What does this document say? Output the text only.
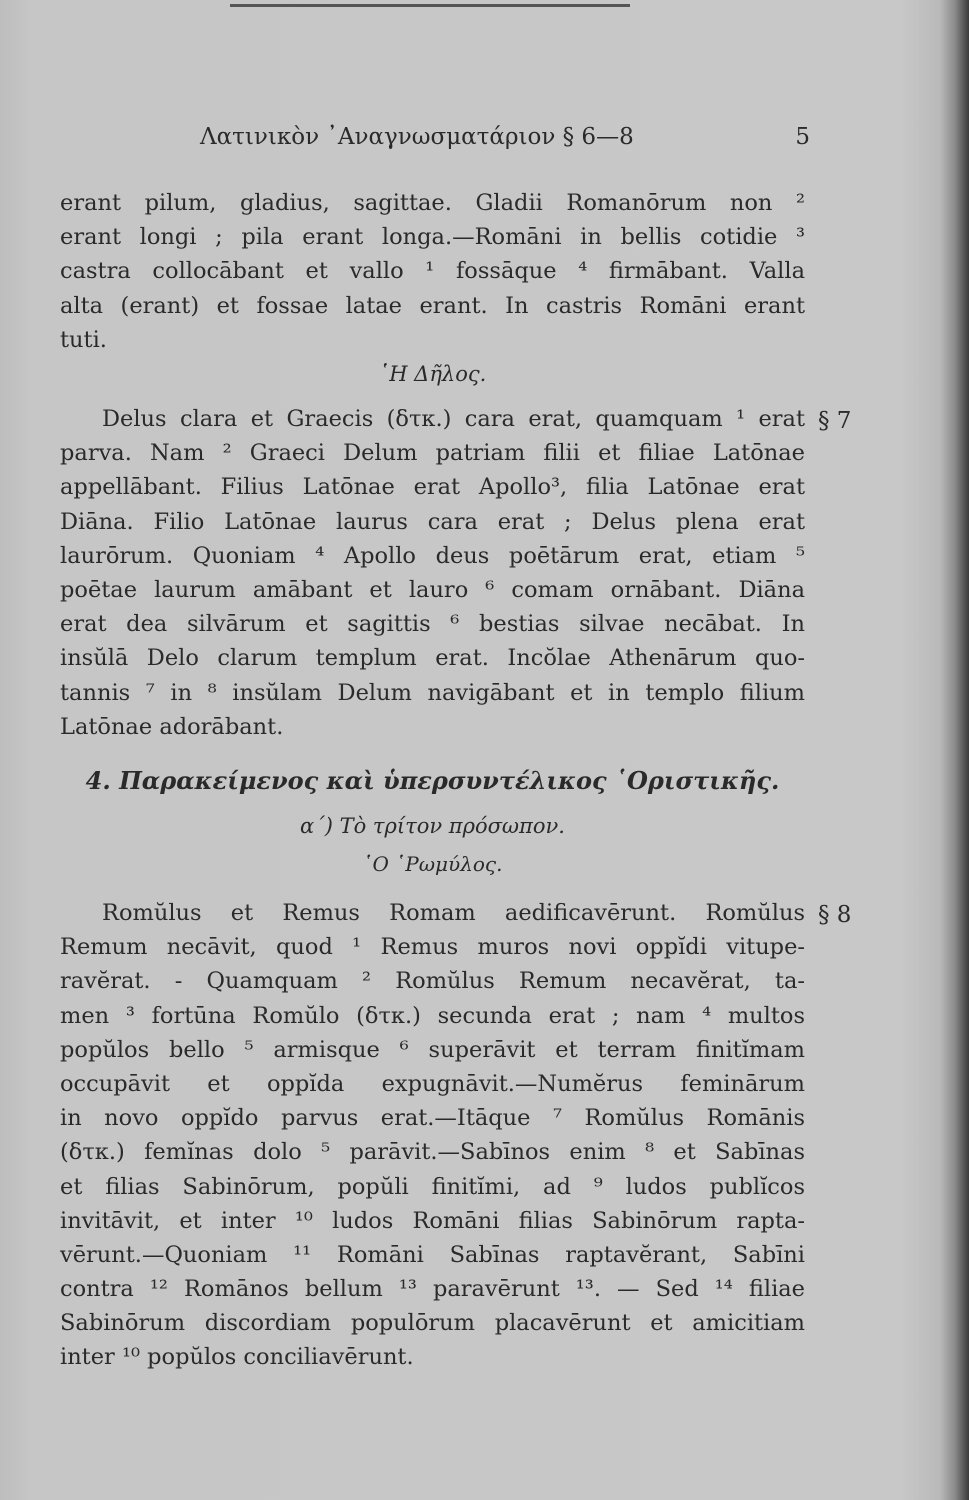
Λατινικὸν ᾿Αναγνωσματάριον § 6—8	5
erant pilum, gladius, sagittae. Gladii Romanōrum non ²
erant longi ; pila erant longa.—Romāni in bellis cotidie ³
castra collocābant et vallo ¹ fossāque ⁴ firmābant. Valla
alta (erant) et fossae latae erant. In castris Romāni erant
tuti.
῾Η Δῆλος.
§ 7
Delus clara et Graecis (δτκ.) cara erat, quamquam ¹ erat
parva. Nam ² Graeci Delum patriam filii et filiae Latōnae
appellābant. Filius Latōnae erat Apollo³, filia Latōnae erat
Diāna. Filio Latōnae laurus cara erat ; Delus plena erat
laurōrum. Quoniam ⁴ Apollo deus poētārum erat, etiam ⁵
poētae laurum amābant et lauro ⁶ comam ornābant. Diāna
erat dea silvārum et sagittis ⁶ bestias silvae necābat. In
insŭlā Delo clarum templum erat. Incŏlae Athenārum quo-
tannis ⁷ in ⁸ insŭlam Delum navigābant et in templo filium
Latōnae adorābant.
4. Παρακείμενος καὶ ὑπερσυντέλικος ῾Οριστικῆς.
α΄) Τὸ τρίτον πρόσωπον.
῾Ο ῾Ρωμύλος.
§ 8
Romŭlus et Remus Romam aedificavērunt. Romŭlus
Remum necāvit, quod ¹ Remus muros novi oppĭdi vitupe-
ravĕrat. - Quamquam ² Romŭlus Remum necavĕrat, ta-
men ³ fortūna Romŭlo (δτκ.) secunda erat ; nam ⁴ multos
popŭlos bello ⁵ armisque ⁶ superāvit et terram finitĭmam
occupāvit et oppĭda expugnāvit.—Numĕrus feminārum
in novo oppĭdo parvus erat.—Itāque ⁷ Romŭlus Romānis
(δτκ.) femĭnas dolo ⁵ parāvit.—Sabīnos enim ⁸ et Sabīnas
et filias Sabinōrum, popŭli finitĭmi, ad ⁹ ludos publĭcos
invitāvit, et inter ¹⁰ ludos Romāni filias Sabinōrum rapta-
vērunt.—Quoniam ¹¹ Romāni Sabīnas raptavĕrant, Sabīni
contra ¹² Romānos bellum ¹³ paravērunt ¹³. — Sed ¹⁴ filiae
Sabinōrum discordiam populōrum placavērunt et amicitiam
inter ¹⁰ popŭlos conciliavērunt.
